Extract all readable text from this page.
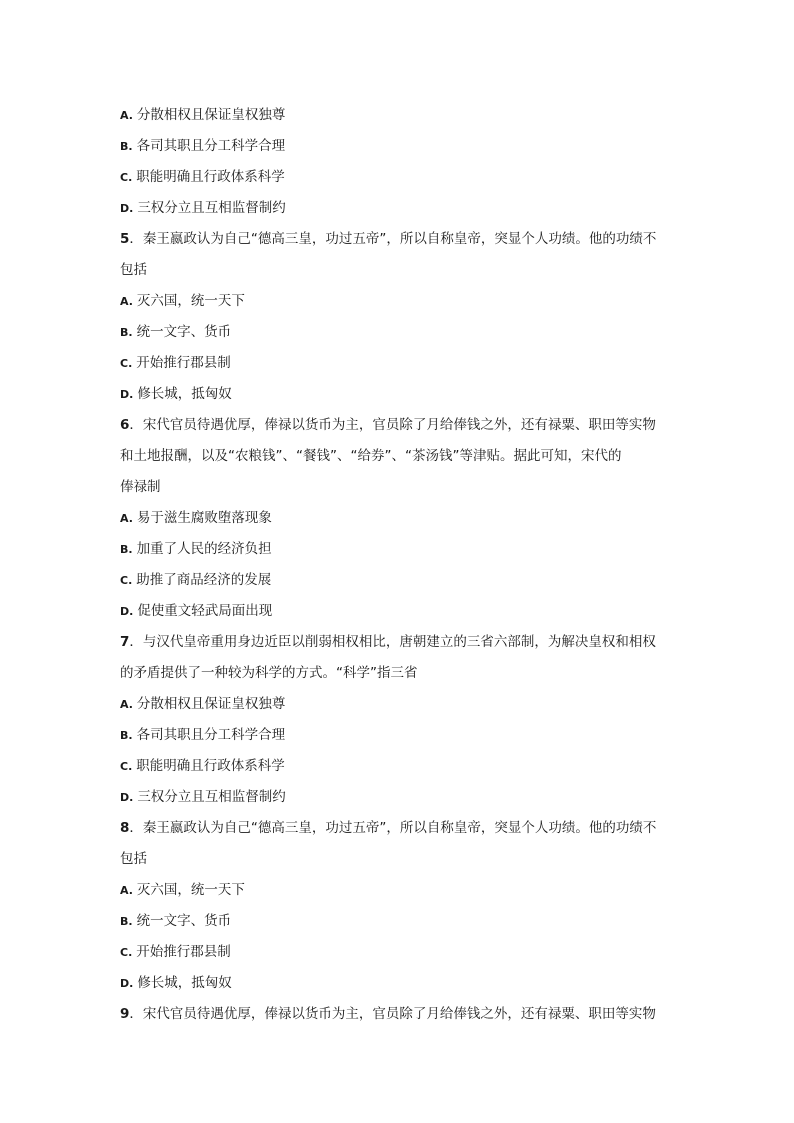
A. 分散相权且保证皇权独尊
B. 各司其职且分工科学合理
C. 职能明确且行政体系科学
D. 三权分立且互相监督制约
5．秦王嬴政认为自己“德高三皇，功过五帝”，所以自称皇帝，突显个人功绩。他的功绩不
包括
A. 灭六国，统一天下
B. 统一文字、货币
C. 开始推行郡县制
D. 修长城，抵匈奴
6．宋代官员待遇优厚，俸禄以货币为主，官员除了月给俸钱之外，还有禄粟、职田等实物
和土地报酬，以及“农粮钱”、“餐钱”、“给券”、“茶汤钱”等津贴。据此可知，宋代的
俸禄制
A. 易于滋生腐败堕落现象
B. 加重了人民的经济负担
C. 助推了商品经济的发展
D. 促使重文轻武局面出现
7．与汉代皇帝重用身边近臣以削弱相权相比，唐朝建立的三省六部制，为解决皇权和相权
的矛盾提供了一种较为科学的方式。“科学”指三省
A. 分散相权且保证皇权独尊
B. 各司其职且分工科学合理
C. 职能明确且行政体系科学
D. 三权分立且互相监督制约
8．秦王嬴政认为自己“德高三皇，功过五帝”，所以自称皇帝，突显个人功绩。他的功绩不
包括
A. 灭六国，统一天下
B. 统一文字、货币
C. 开始推行郡县制
D. 修长城，抵匈奴
9．宋代官员待遇优厚，俸禄以货币为主，官员除了月给俸钱之外，还有禄粟、职田等实物
